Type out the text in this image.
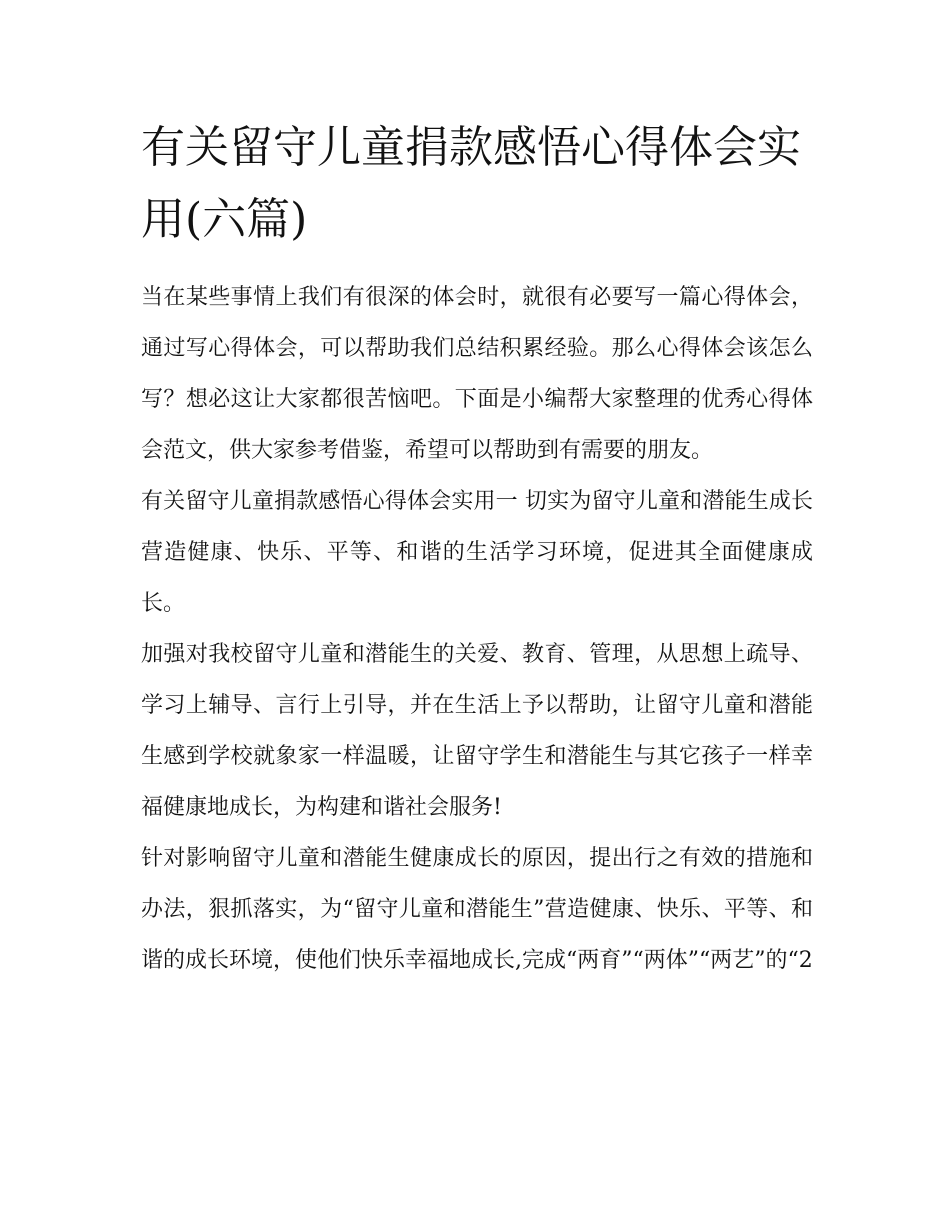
有关留守儿童捐款感悟心得体会实用(六篇)

当在某些事情上我们有很深的体会时，就很有必要写一篇心得体会，通过写心得体会，可以帮助我们总结积累经验。那么心得体会该怎么写？想必这让大家都很苦恼吧。下面是小编帮大家整理的优秀心得体会范文，供大家参考借鉴，希望可以帮助到有需要的朋友。

有关留守儿童捐款感悟心得体会实用一 切实为留守儿童和潜能生成长营造健康、快乐、平等、和谐的生活学习环境，促进其全面健康成长。

加强对我校留守儿童和潜能生的关爱、教育、管理，从思想上疏导、学习上辅导、言行上引导，并在生活上予以帮助，让留守儿童和潜能生感到学校就象家一样温暖，让留守学生和潜能生与其它孩子一样幸福健康地成长，为构建和谐社会服务!

针对影响留守儿童和潜能生健康成长的原因，提出行之有效的措施和办法，狠抓落实，为“留守儿童和潜能生”营造健康、快乐、平等、和谐的成长环境，使他们快乐幸福地成长,完成“两育”“两体”“两艺”的“2
